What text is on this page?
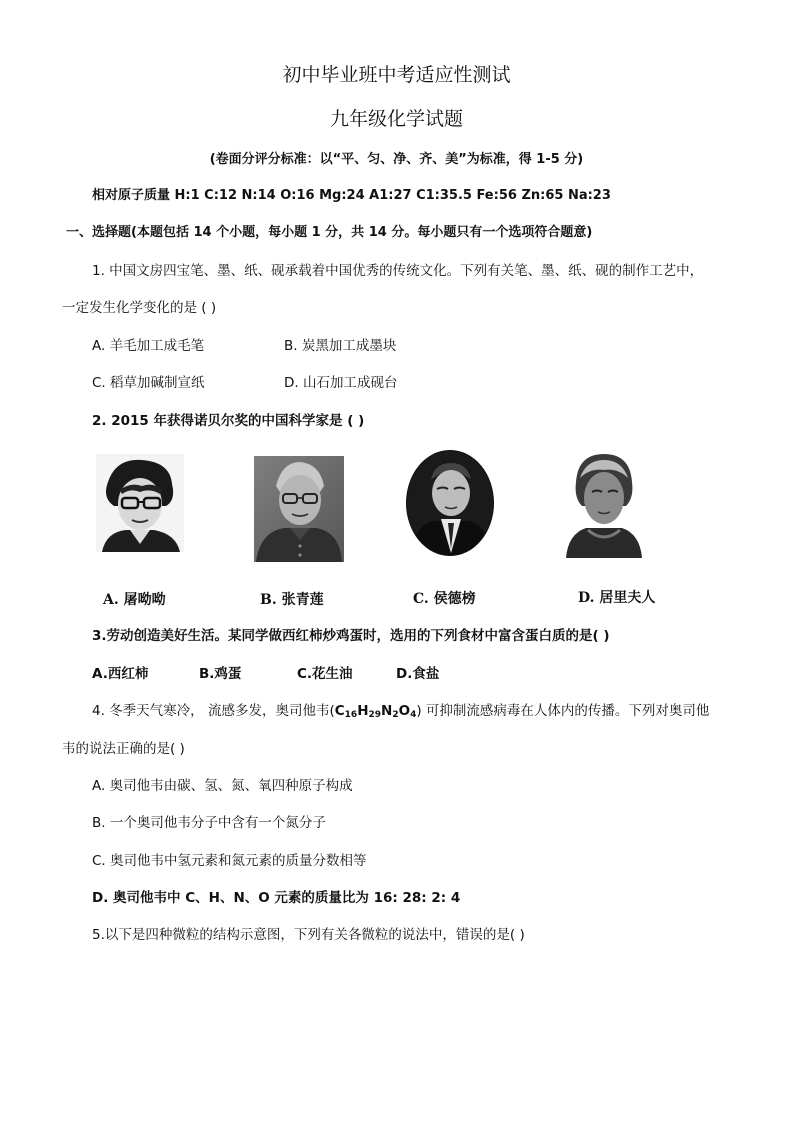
初中毕业班中考适应性测试
九年级化学试题
(卷面分评分标准：以“平、匀、净、齐、美”为标准，得 1-5 分)
相对原子质量 H:1 C:12 N:14 O:16 Mg:24 A1:27 C1:35.5 Fe:56 Zn:65 Na:23
一、选择题(本题包括 14 个小题，每小题 1 分，共 14 分。每小题只有一个选项符合题意)
1. 中国文房四宝笔、墨、纸、砚承载着中国优秀的传统文化。下列有关笔、墨、纸、砚的制作工艺中，
一定发生化学变化的是 ( )
A. 羊毛加工成毛笔	B. 炭黑加工成墨块
C. 稻草加碱制宣纸	D. 山石加工成砚台
2. 2015 年获得诺贝尔奖的中国科学家是 ( )
A. 屠呦呦	B. 张青莲	C. 侯德榜	D. 居里夫人
3.劳动创造美好生活。某同学做西红柿炒鸡蛋时，选用的下列食材中富含蛋白质的是( )
A.西红柿	B.鸡蛋	C.花生油	D.食盐
4. 冬季天气寒冷， 流感多发，奥司他韦$(C_{16}H_{29}N_2O_4)$ 可抑制流感病毒在人体内的传播。下列对奥司他
韦的说法正确的是( )
A. 奥司他韦由碳、氢、氮、氧四种原子构成
B. 一个奥司他韦分子中含有一个氮分子
C. 奥司他韦中氢元素和氮元素的质量分数相等
D. 奥司他韦中 C、H、N、O 元素的质量比为 16: 28: 2: 4
5.以下是四种微粒的结构示意图，下列有关各微粒的说法中，错误的是( )
